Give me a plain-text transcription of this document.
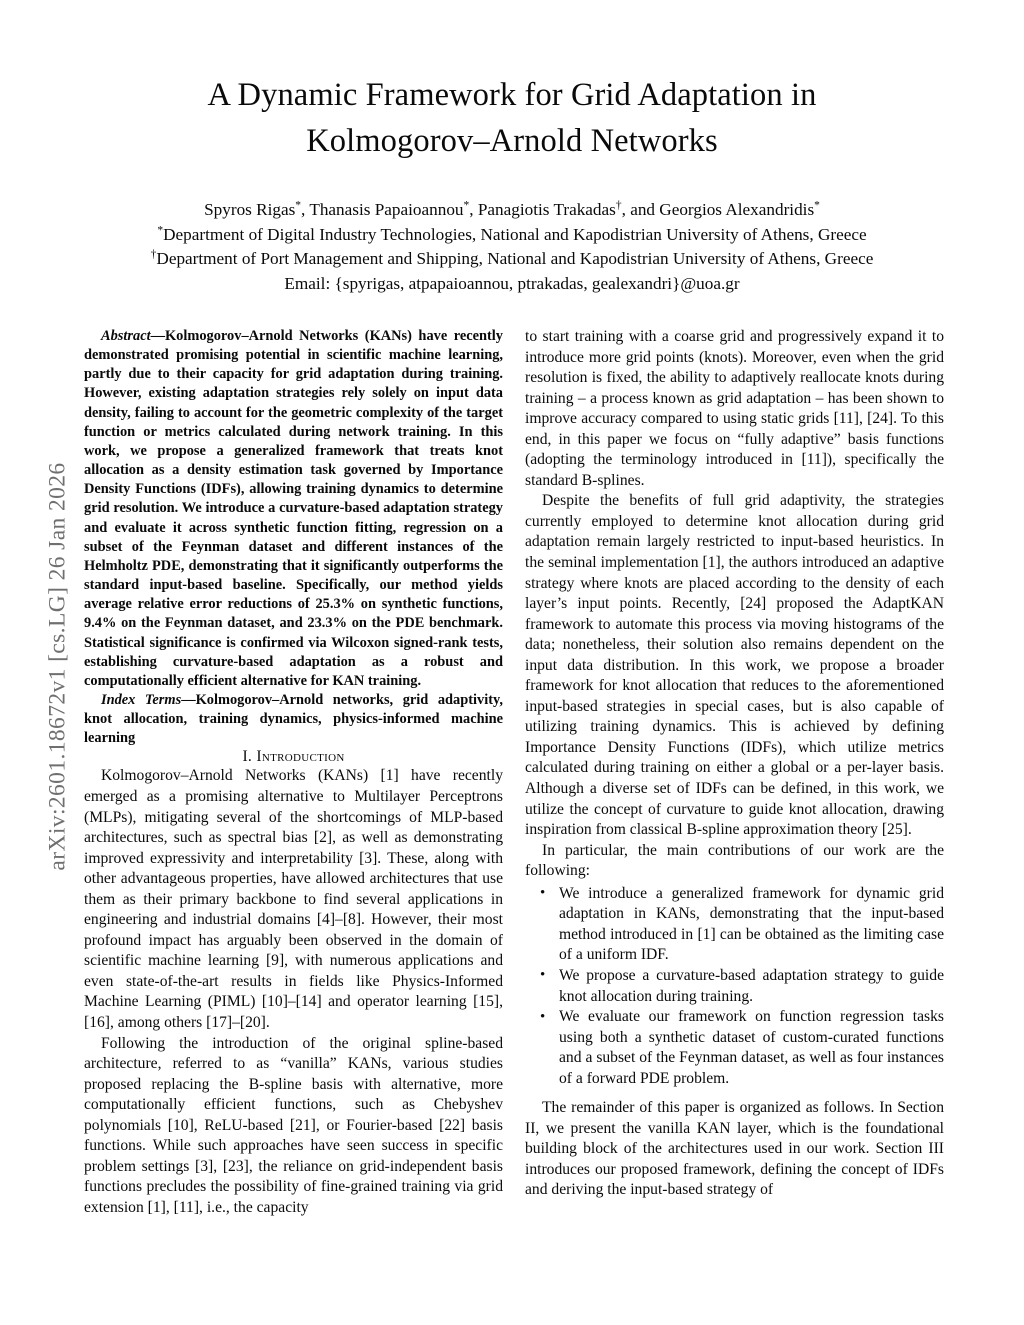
arXiv:2601.18672v1 [cs.LG] 26 Jan 2026
A Dynamic Framework for Grid Adaptation in
Kolmogorov–Arnold Networks
Spyros Rigas*, Thanasis Papaioannou*, Panagiotis Trakadas†, and Georgios Alexandridis*
*Department of Digital Industry Technologies, National and Kapodistrian University of Athens, Greece
†Department of Port Management and Shipping, National and Kapodistrian University of Athens, Greece
Email: {spyrigas, atpapaioannou, ptrakadas, gealexandri}@uoa.gr

Abstract—Kolmogorov–Arnold Networks (KANs) have recently demonstrated promising potential in scientific machine learning, partly due to their capacity for grid adaptation during training. However, existing adaptation strategies rely solely on input data density, failing to account for the geometric complexity of the target function or metrics calculated during network training. In this work, we propose a generalized framework that treats knot allocation as a density estimation task governed by Importance Density Functions (IDFs), allowing training dynamics to determine grid resolution. We introduce a curvature-based adaptation strategy and evaluate it across synthetic function fitting, regression on a subset of the Feynman dataset and different instances of the Helmholtz PDE, demonstrating that it significantly outperforms the standard input-based baseline. Specifically, our method yields average relative error reductions of 25.3% on synthetic functions, 9.4% on the Feynman dataset, and 23.3% on the PDE benchmark. Statistical significance is confirmed via Wilcoxon signed-rank tests, establishing curvature-based adaptation as a robust and computationally efficient alternative for KAN training.

Index Terms—Kolmogorov–Arnold networks, grid adaptivity, knot allocation, training dynamics, physics-informed machine learning

I. Introduction

Kolmogorov–Arnold Networks (KANs) [1] have recently emerged as a promising alternative to Multilayer Perceptrons (MLPs), mitigating several of the shortcomings of MLP-based architectures, such as spectral bias [2], as well as demonstrating improved expressivity and interpretability [3]. These, along with other advantageous properties, have allowed architectures that use them as their primary backbone to find several applications in engineering and industrial domains [4]–[8]. However, their most profound impact has arguably been observed in the domain of scientific machine learning [9], with numerous applications and even state-of-the-art results in fields like Physics-Informed Machine Learning (PIML) [10]–[14] and operator learning [15], [16], among others [17]–[20].

Following the introduction of the original spline-based architecture, referred to as “vanilla” KANs, various studies proposed replacing the B-spline basis with alternative, more computationally efficient functions, such as Chebyshev polynomials [10], ReLU-based [21], or Fourier-based [22] basis functions. While such approaches have seen success in specific problem settings [3], [23], the reliance on grid-independent basis functions precludes the possibility of fine-grained training via grid extension [1], [11], i.e., the capacity

to start training with a coarse grid and progressively expand it to introduce more grid points (knots). Moreover, even when the grid resolution is fixed, the ability to adaptively reallocate knots during training – a process known as grid adaptation – has been shown to improve accuracy compared to using static grids [11], [24]. To this end, in this paper we focus on “fully adaptive” basis functions (adopting the terminology introduced in [11]), specifically the standard B-splines.

Despite the benefits of full grid adaptivity, the strategies currently employed to determine knot allocation during grid adaptation remain largely restricted to input-based heuristics. In the seminal implementation [1], the authors introduced an adaptive strategy where knots are placed according to the density of each layer’s input points. Recently, [24] proposed the AdaptKAN framework to automate this process via moving histograms of the data; nonetheless, their solution also remains dependent on the input data distribution. In this work, we propose a broader framework for knot allocation that reduces to the aforementioned input-based strategies in special cases, but is also capable of utilizing training dynamics. This is achieved by defining Importance Density Functions (IDFs), which utilize metrics calculated during training on either a global or a per-layer basis. Although a diverse set of IDFs can be defined, in this work, we utilize the concept of curvature to guide knot allocation, drawing inspiration from classical B-spline approximation theory [25].

In particular, the main contributions of our work are the following:

• We introduce a generalized framework for dynamic grid adaptation in KANs, demonstrating that the input-based method introduced in [1] can be obtained as the limiting case of a uniform IDF.
• We propose a curvature-based adaptation strategy to guide knot allocation during training.
• We evaluate our framework on function regression tasks using both a synthetic dataset of custom-curated functions and a subset of the Feynman dataset, as well as four instances of a forward PDE problem.

The remainder of this paper is organized as follows. In Section II, we present the vanilla KAN layer, which is the foundational building block of the architectures used in our work. Section III introduces our proposed framework, defining the concept of IDFs and deriving the input-based strategy of
